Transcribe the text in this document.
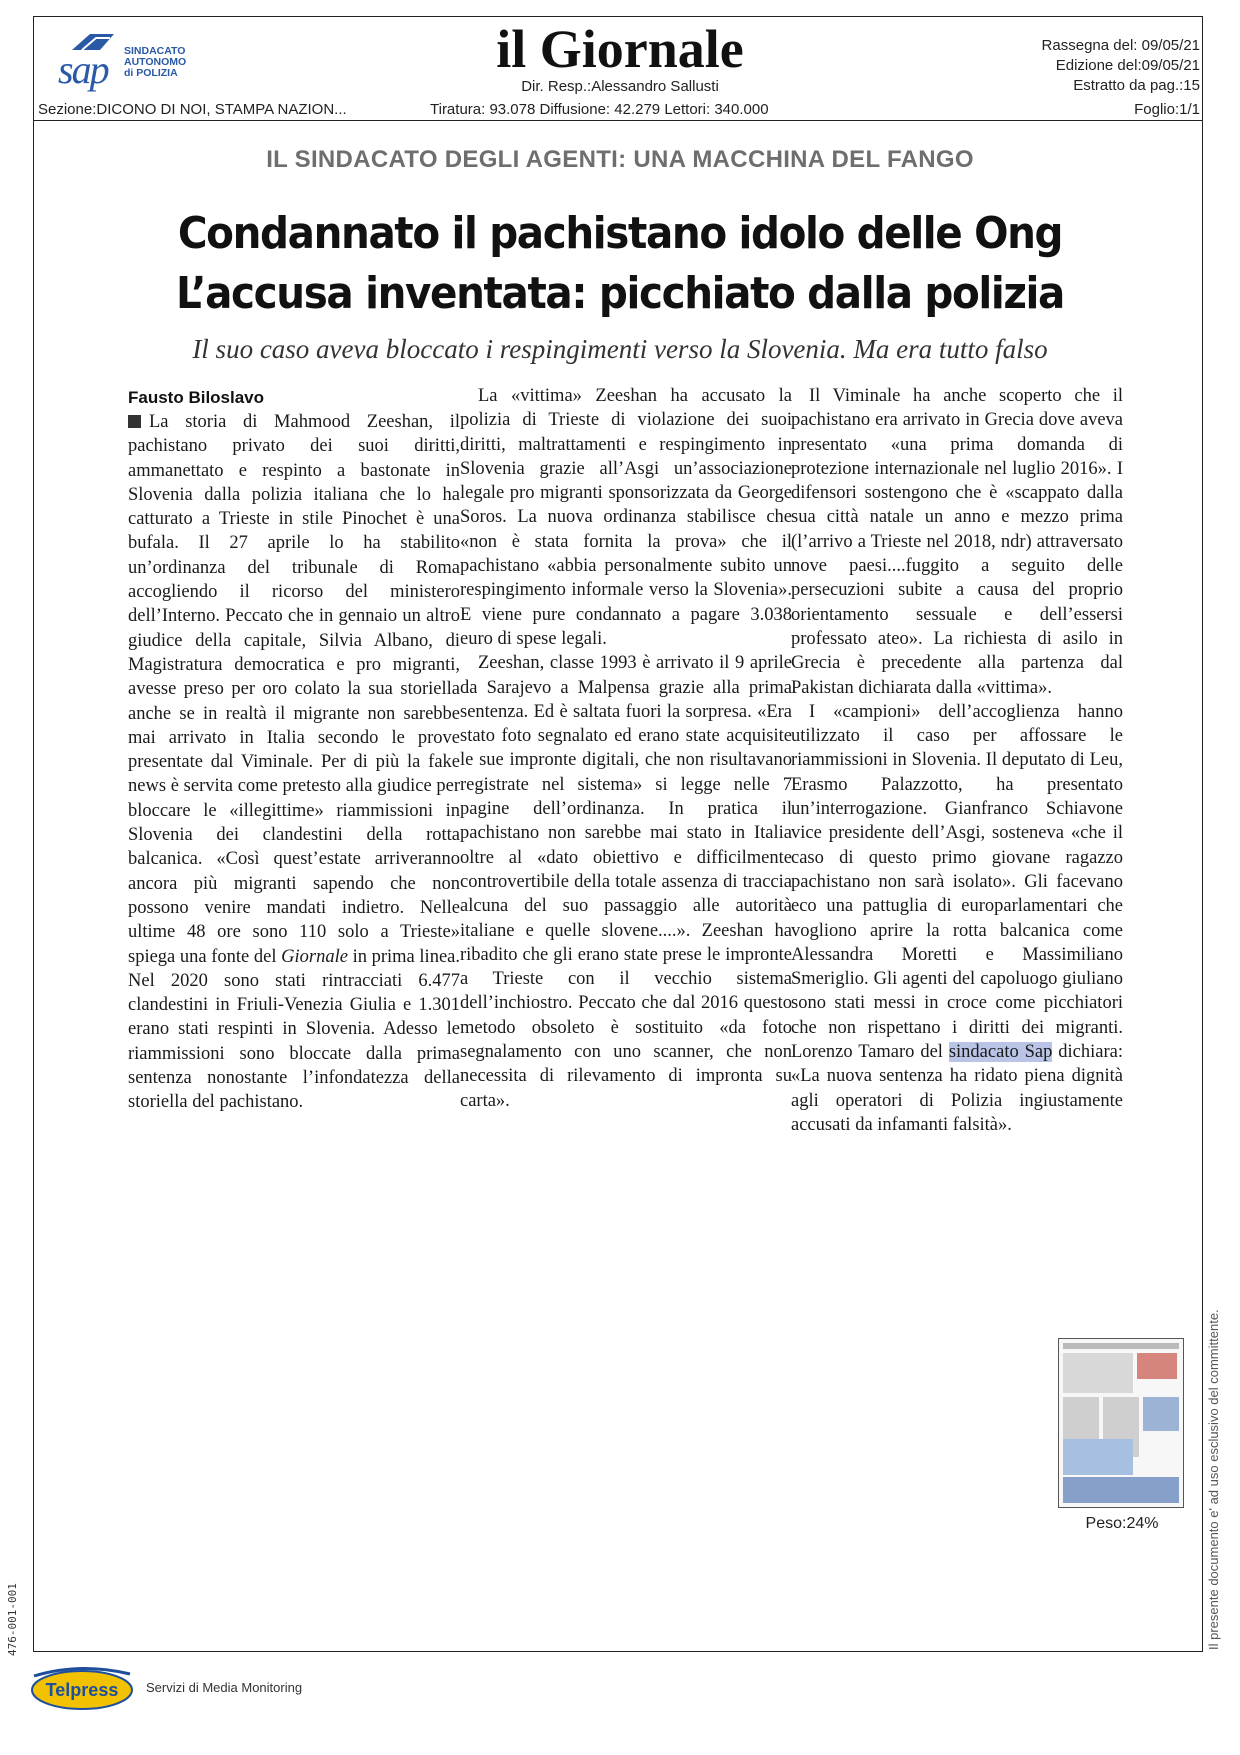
sap SINDACATO
AUTONOMO
di POLIZIA	il Giornale
Dir. Resp.:Alessandro Sallusti
Rassegna del: 09/05/21
Edizione del:09/05/21
Estratto da pag.:15
Sezione:DICONO DI NOI, STAMPA NAZION...	Tiratura: 93.078 Diffusione: 42.279 Lettori: 340.000	Foglio:1/1
IL SINDACATO DEGLI AGENTI: UNA MACCHINA DEL FANGO
Condannato il pachistano idolo delle Ong
L’accusa inventata: picchiato dalla polizia
Il suo caso aveva bloccato i respingimenti verso la Slovenia. Ma era tutto falso
Fausto Biloslavo

La storia di Mahmood Zeeshan, il pachistano privato dei suoi diritti, ammanettato e respinto a bastonate in Slovenia dalla polizia italiana che lo ha catturato a Trieste in stile Pinochet è una bufala. Il 27 aprile lo ha stabilito un’ordinanza del tribunale di Roma accogliendo il ricorso del ministero dell’Interno. Peccato che in gennaio un altro giudice della capitale, Silvia Albano, di Magistratura democratica e pro migranti, avesse preso per oro colato la sua storiella anche se in realtà il migrante non sarebbe mai arrivato in Italia secondo le prove presentate dal Viminale. Per di più la fake news è servita come pretesto alla giudice per bloccare le «illegittime» riammissioni in Slovenia dei clandestini della rotta balcanica. «Così quest’estate arriveranno ancora più migranti sapendo che non possono venire mandati indietro. Nelle ultime 48 ore sono 110 solo a Trieste» spiega una fonte del Giornale in prima linea. Nel 2020 sono stati rintracciati 6.477 clandestini in Friuli-Venezia Giulia e 1.301 erano stati respinti in Slovenia. Adesso le riammissioni sono bloccate dalla prima sentenza nonostante l’infondatezza della storiella del pachistano.

La «vittima» Zeeshan ha accusato la polizia di Trieste di violazione dei suoi diritti, maltrattamenti e respingimento in Slovenia grazie all’Asgi un’associazione legale pro migranti sponsorizzata da George Soros. La nuova ordinanza stabilisce che «non è stata fornita la prova» che il pachistano «abbia personalmente subito un respingimento informale verso la Slovenia». E viene pure condannato a pagare 3.038 euro di spese legali.

Zeeshan, classe 1993 è arrivato il 9 aprile da Sarajevo a Malpensa grazie alla prima sentenza. Ed è saltata fuori la sorpresa. «Era stato foto segnalato ed erano state acquisite le sue impronte digitali, che non risultavano registrate nel sistema» si legge nelle 7 pagine dell’ordinanza. In pratica il pachistano non sarebbe mai stato in Italia oltre al «dato obiettivo e difficilmente controvertibile della totale assenza di traccia alcuna del suo passaggio alle autorità italiane e quelle slovene....». Zeeshan ha ribadito che gli erano state prese le impronte a Trieste con il vecchio sistema dell’inchiostro. Peccato che dal 2016 questo metodo obsoleto è sostituito «da foto segnalamento con uno scanner, che non necessita di rilevamento di impronta su carta».

Il Viminale ha anche scoperto che il pachistano era arrivato in Grecia dove aveva presentato «una prima domanda di protezione internazionale nel luglio 2016». I difensori sostengono che è «scappato dalla sua città natale un anno e mezzo prima (l’arrivo a Trieste nel 2018, ndr) attraversato nove paesi....fuggito a seguito delle persecuzioni subite a causa del proprio orientamento sessuale e dell’essersi professato ateo». La richiesta di asilo in Grecia è precedente alla partenza dal Pakistan dichiarata dalla «vittima».

I «campioni» dell’accoglienza hanno utilizzato il caso per affossare le riammissioni in Slovenia. Il deputato di Leu, Erasmo Palazzotto, ha presentato un’interrogazione. Gianfranco Schiavone vice presidente dell’Asgi, sosteneva «che il caso di questo primo giovane ragazzo pachistano non sarà isolato». Gli facevano eco una pattuglia di europarlamentari che vogliono aprire la rotta balcanica come Alessandra Moretti e Massimiliano Smeriglio. Gli agenti del capoluogo giuliano sono stati messi in croce come picchiatori che non rispettano i diritti dei migranti. Lorenzo Tamaro del sindacato Sap dichiara: «La nuova sentenza ha ridato piena dignità agli operatori di Polizia ingiustamente accusati da infamanti falsità».

Peso:24%	Il presente documento e' ad uso esclusivo del committente.
476-001-001
Telpress Servizi di Media Monitoring
